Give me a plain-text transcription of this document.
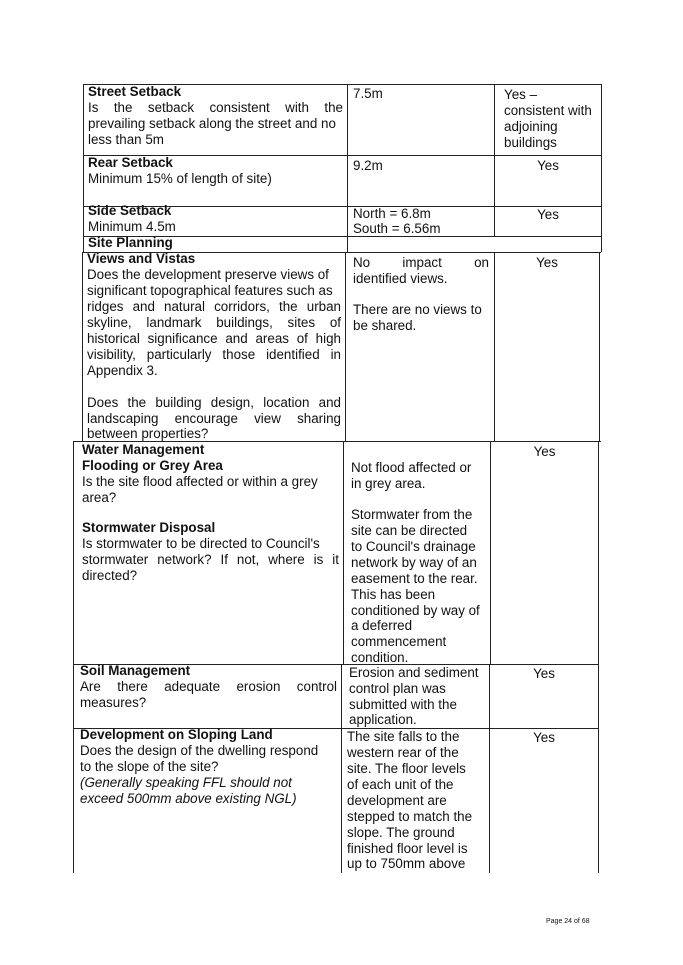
Street Setback
Is the setback consistent with the
prevailing setback along the street and no
less than 5m
7.5m	Yes –
consistent with
adjoining
buildings
Rear Setback
Minimum 15% of length of site)
9.2m	Yes
Side Setback
Minimum 4.5m
North = 6.8m
South = 6.56m
Yes
Site Planning
Views and Vistas
Does the development preserve views of
significant topographical features such as
ridges and natural corridors, the urban
skyline, landmark buildings, sites of
historical significance and areas of high
visibility, particularly those identified in
Appendix 3.
Does the building design, location and
landscaping encourage view sharing
between properties?
No impact on
identified views.
There are no views to
be shared.
Yes
Water Management
Flooding or Grey Area
Is the site flood affected or within a grey
area?
Stormwater Disposal
Is stormwater to be directed to Council's
stormwater network? If not, where is it
directed?
Not flood affected or
in grey area.
Stormwater from the
site can be directed
to Council's drainage
network by way of an
easement to the rear.
This has been
conditioned by way of
a deferred
commencement
condition.
Yes
Soil Management
Are there adequate erosion control
measures?
Erosion and sediment
control plan was
submitted with the
application.
Yes
Development on Sloping Land
Does the design of the dwelling respond
to the slope of the site?
(Generally speaking FFL should not
exceed 500mm above existing NGL)
The site falls to the
western rear of the
site. The floor levels
of each unit of the
development are
stepped to match the
slope. The ground
finished floor level is
up to 750mm above
Yes
Page 24 of 68
